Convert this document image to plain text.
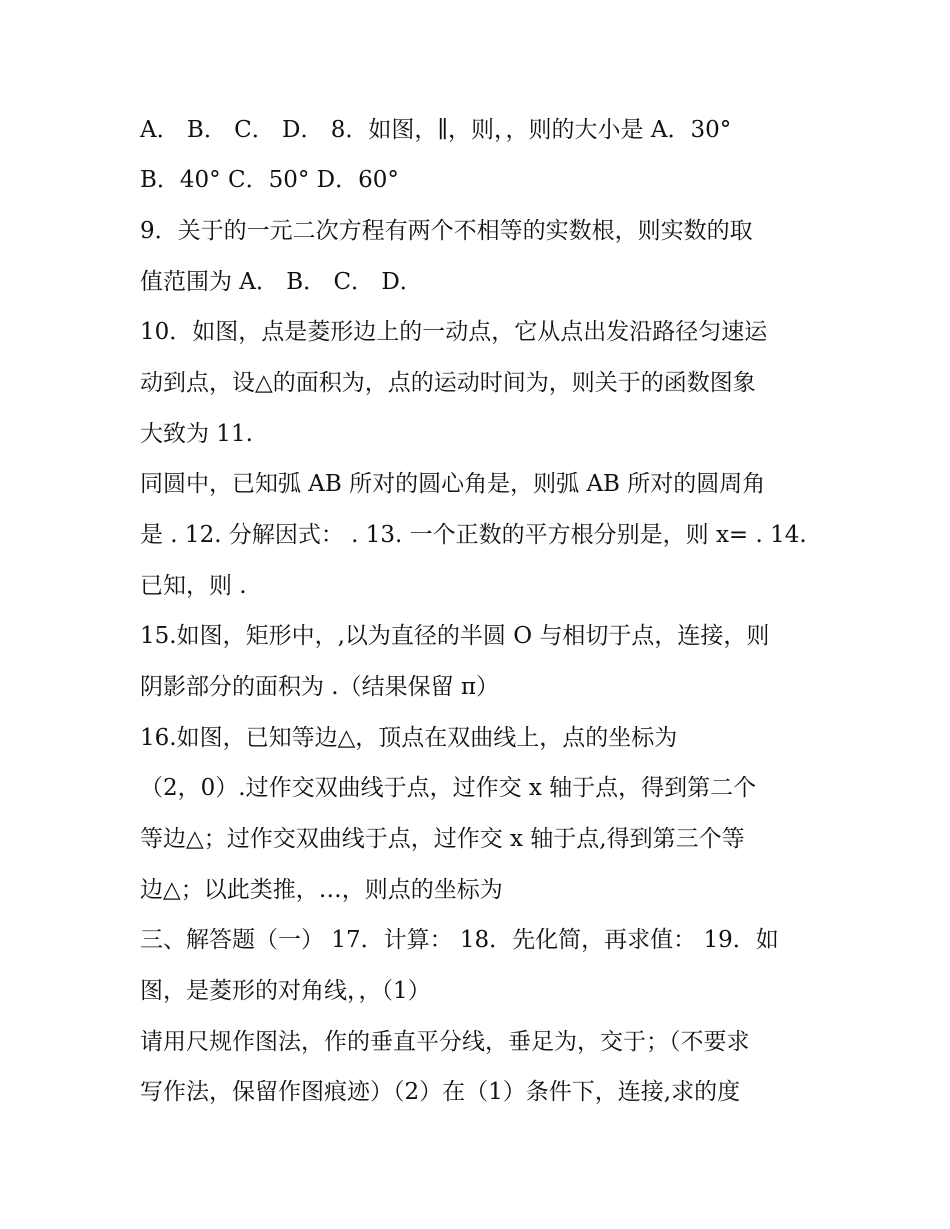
A． B． C． D． 8．如图，∥，则，，则的大小是 A．30°

B．40° C．50° D．60°

9．关于的一元二次方程有两个不相等的实数根，则实数的取

值范围为 A． B． C． D．

10．如图，点是菱形边上的一动点，它从点出发沿路径匀速运

动到点，设△的面积为，点的运动时间为，则关于的函数图象

大致为 11.

同圆中，已知弧 AB 所对的圆心角是，则弧 AB 所对的圆周角

是 . 12. 分解因式： . 13. 一个正数的平方根分别是，则 x= . 14.

已知，则 .

15.如图，矩形中，,以为直径的半圆 O 与相切于点，连接，则

阴影部分的面积为 .（结果保留 π）

16.如图，已知等边△，顶点在双曲线上，点的坐标为

（2，0）.过作交双曲线于点，过作交 x 轴于点，得到第二个

等边△；过作交双曲线于点，过作交 x 轴于点,得到第三个等

边△；以此类推，…，则点的坐标为

三、解答题（一） 17．计算： 18．先化简，再求值： 19．如

图，是菱形的对角线，，（1）

请用尺规作图法，作的垂直平分线，垂足为，交于；（不要求

写作法，保留作图痕迹）（2）在（1）条件下，连接,求的度
